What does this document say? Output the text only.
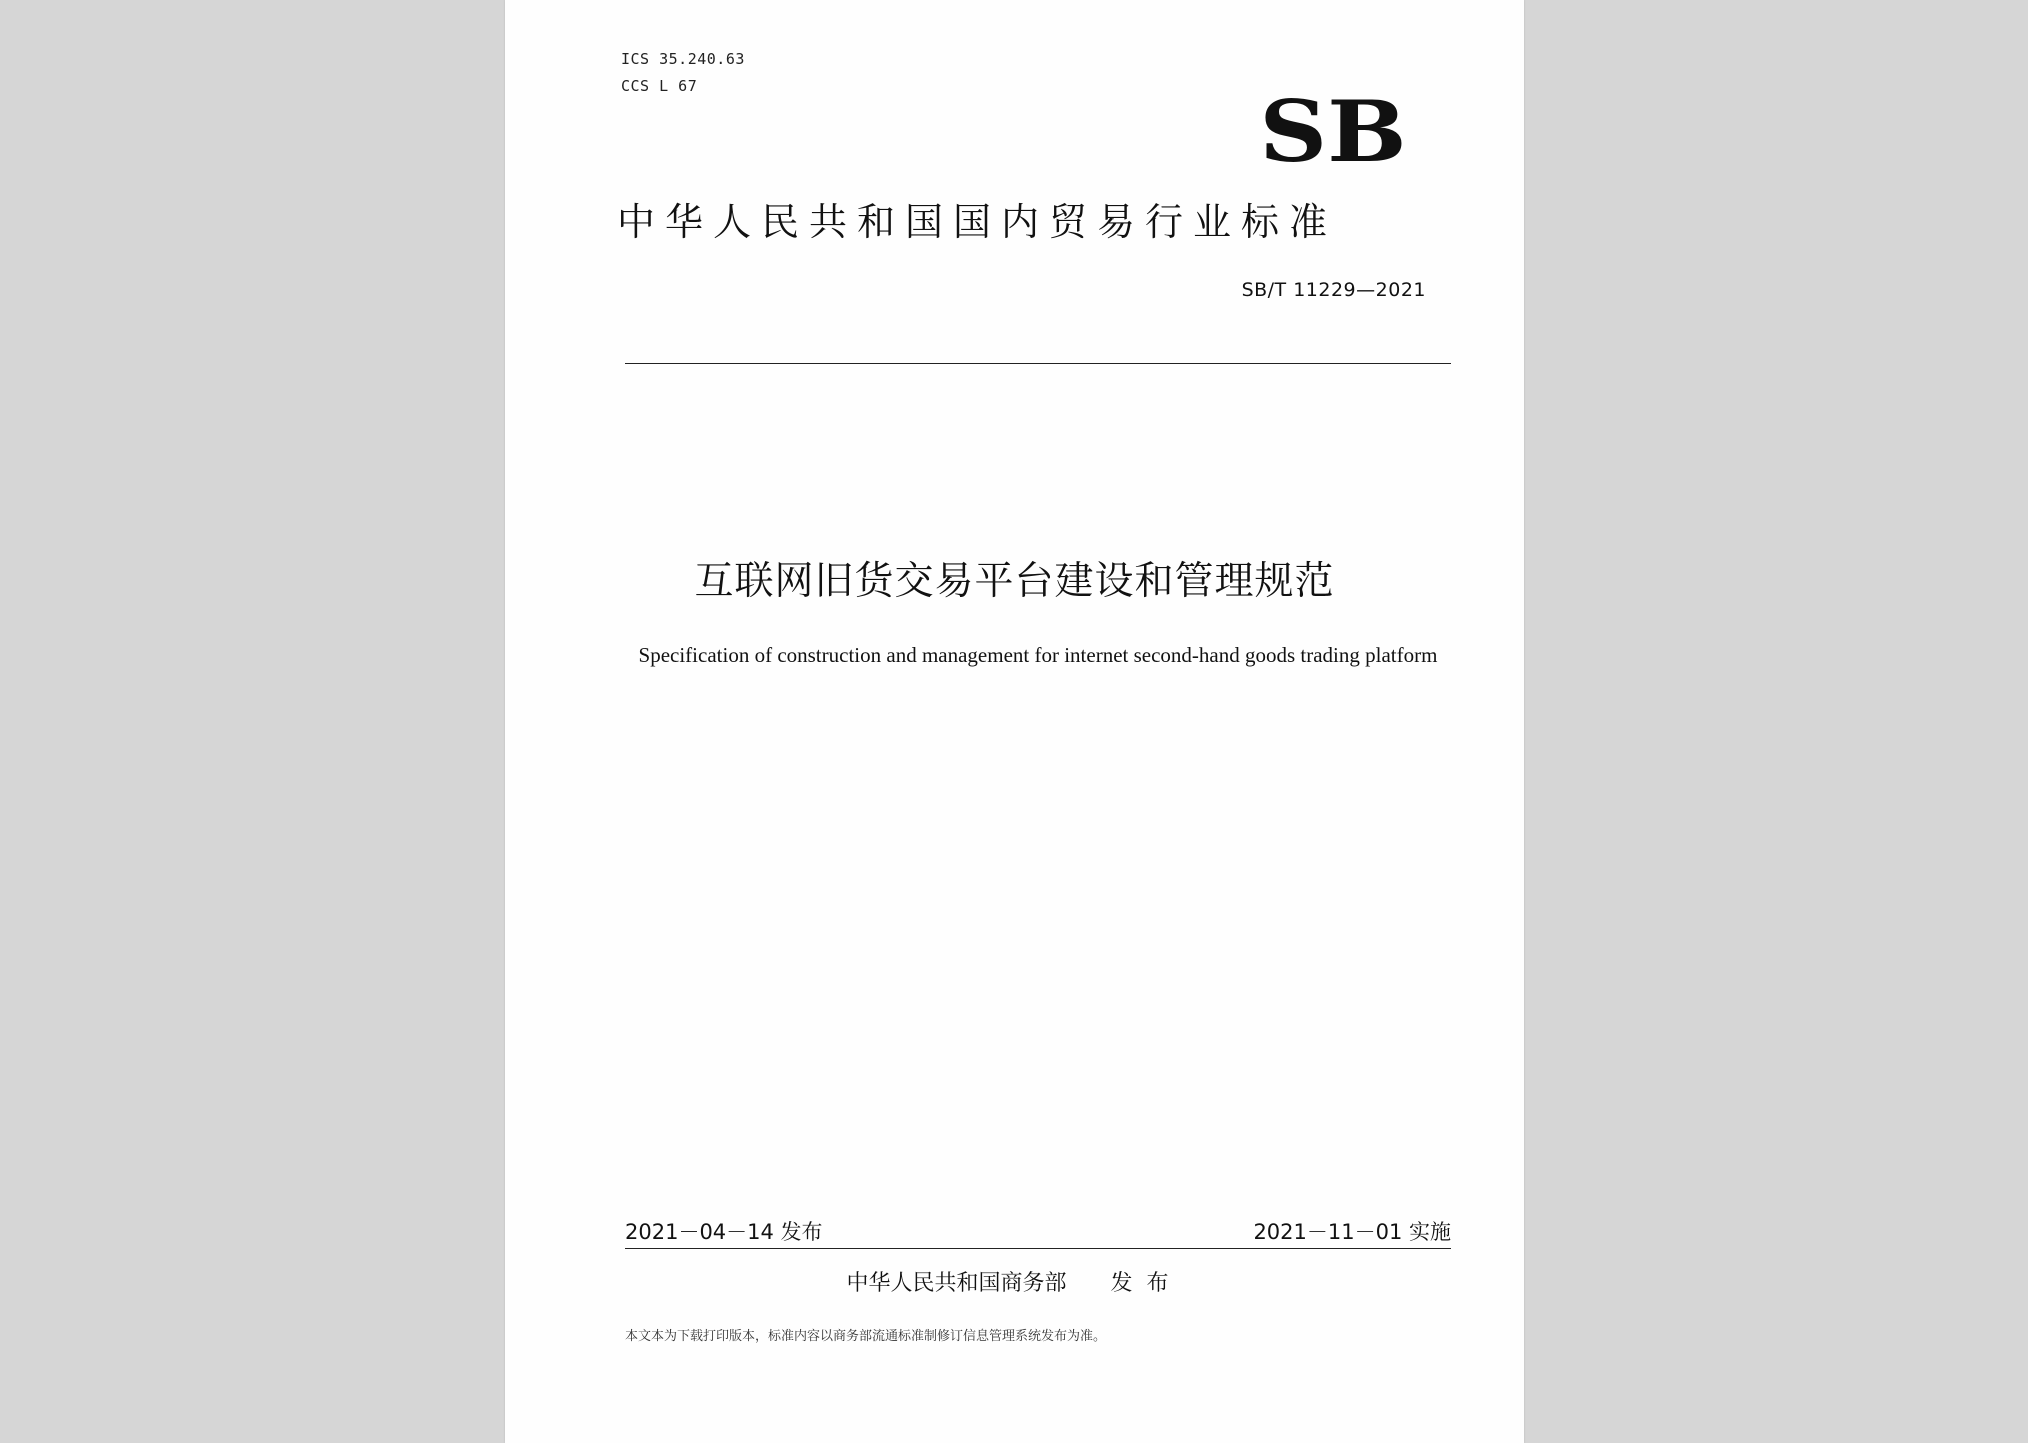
ICS 35.240.63
CCS L 67	SB
中华人民共和国国内贸易行业标准
SB/T 11229—2021
互联网旧货交易平台建设和管理规范
Specification of construction and management for internet second-hand goods trading platform
2021－04－14 发布	2021－11－01 实施
中华人民共和国商务部 发布
本文本为下载打印版本，标准内容以商务部流通标准制修订信息管理系统发布为准。
